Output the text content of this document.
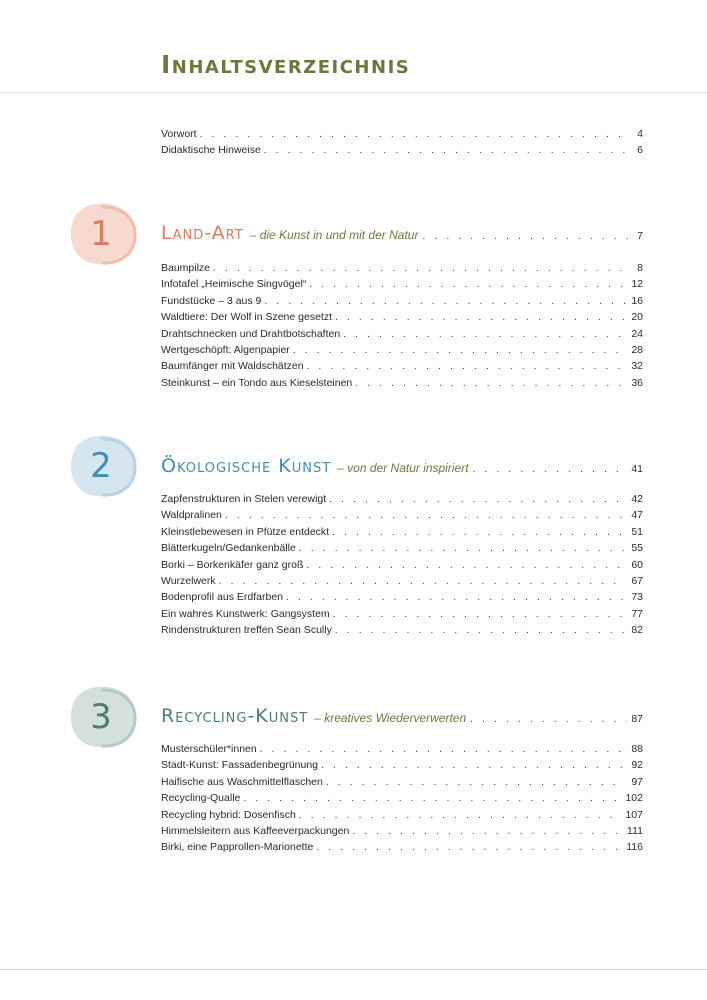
Inhaltsverzeichnis
Vorwort . . .	4
Didaktische Hinweise . . .	6
1	Land-Art – die Kunst in und mit der Natur . . .	7
Baumpilze . . .	8
Infotafel „Heimische Singvögel“ . . .	12
Fundstücke – 3 aus 9 . . .	16
Waldtiere: Der Wolf in Szene gesetzt . . .	20
Drahtschnecken und Drahtbotschaften . . .	24
Wertgeschöpft: Algenpapier . . .	28
Baumfänger mit Waldschätzen . . .	32
Steinkunst – ein Tondo aus Kieselsteinen . . .	36
2	Ökologische Kunst – von der Natur inspiriert . . .	41
Zapfenstrukturen in Stelen verewigt . . .	42
Waldpralinen . . .	47
Kleinstlebewesen in Pfütze entdeckt . . .	51
Blätterkugeln/Gedankenbälle . . .	55
Borki – Borkenkäfer ganz groß . . .	60
Wurzelwerk . . .	67
Bodenprofil aus Erdfarben . . .	73
Ein wahres Kunstwerk: Gangsystem . . .	77
Rindenstrukturen treffen Sean Scully . . .	82
3	Recycling-Kunst – kreatives Wiederverwerten . . .	87
Musterschüler*innen . . .	88
Stadt-Kunst: Fassadenbegrünung . . .	92
Haifische aus Waschmittelflaschen . . .	97
Recycling-Qualle . . .	102
Recycling hybrid: Dosenfisch . . .	107
Himmelsleitern aus Kaffeeverpackungen . . .	111
Birki, eine Papprollen-Marionette . . .	116
